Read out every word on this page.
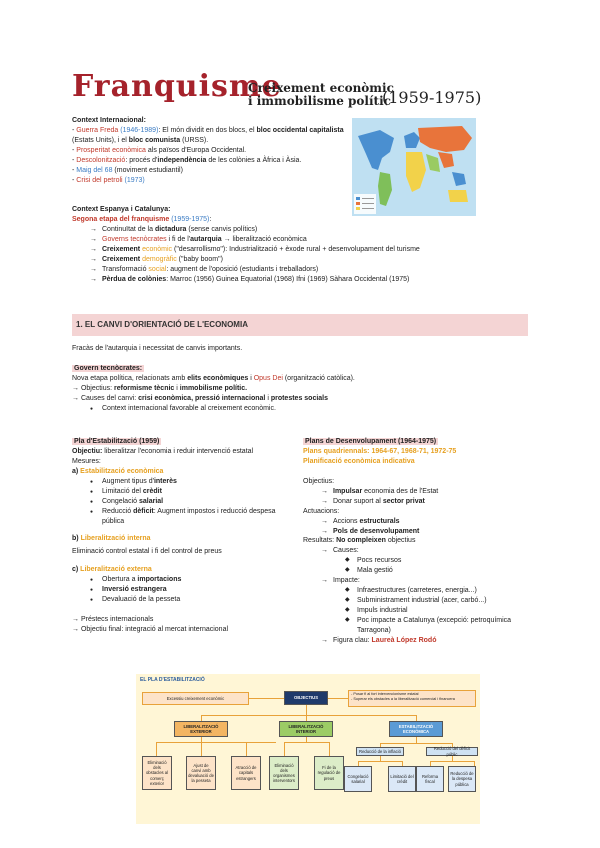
Franquisme
Creixement econòmic
i immobilisme polític
(1959-1975)
Context Internacional:
- Guerra Freda (1946-1989): El món dividit en dos blocs, el bloc occidental capitalista (Estats Units), i el bloc comunista (URSS).
- Prosperitat econòmica als països d'Europa Occidental.
- Descolonització: procés d'independència de les colònies a Àfrica i Àsia.
- Maig del 68 (moviment estudiantil)
- Crisi del petroli (1973)
Context Espanya i Catalunya:
Segona etapa del franquisme (1959-1975):
→ Continuïtat de la dictadura (sense canvis polítics)
→ Governs tecnòcrates i fi de l'autarquia → liberalització econòmica
→ Creixement econòmic ("desarrollismo"): Industrialització + èxode rural + desenvolupament del turisme
→ Creixement demogràfic ("baby boom")
→ Transformació social: augment de l'oposició (estudiants i treballadors)
→ Pèrdua de colònies: Marroc (1956) Guinea Equatorial (1968) Ifni (1969) Sàhara Occidental (1975)
1. EL CANVI D'ORIENTACIÓ DE L'ECONOMIA
Fracàs de l'autarquia i necessitat de canvis importants.
Govern tecnòcrates:
Nova etapa política, relacionats amb elits econòmiques i Opus Dei (organització catòlica).
→ Objectius: reformisme tècnic i immobilisme polític.
→ Causes del canvi: crisi econòmica, pressió internacional i protestes socials
● Context internacional favorable al creixement econòmic.
Pla d'Estabilització (1959)
Objectiu: liberalitzar l'economia i reduir intervenció estatal
Mesures:
a) Estabilització econòmica
● Augment tipus d'interès
● Limitació del crèdit
● Congelació salarial
● Reducció dèficit: Augment impostos i reducció despesa pública
b) Liberalització interna
Eliminació control estatal i fi del control de preus
c) Liberalització externa
● Obertura a importacions
● Inversió estrangera
● Devaluació de la pesseta
→ Préstecs internacionals
→ Objectiu final: integració al mercat internacional
Plans de Desenvolupament (1964-1975)
Plans quadriennals: 1964-67, 1968-71, 1972-75
Planificació econòmica indicativa
Objectius:
→ Impulsar economia des de l'Estat
→ Donar suport al sector privat
Actuacions:
→ Accions estructurals
→ Pols de desenvolupament
Resultats: No compleixen objectius
→ Causes:
◆ Pocs recursos
◆ Mala gestió
→ Impacte:
◆ Infraestructures (carreteres, energia...)
◆ Subministrament industrial (acer, carbó...)
◆ Impuls industrial
◆ Poc impacte a Catalunya (excepció: petroquímica Tarragona)
→ Figura clau: Laureà López Rodó
EL PLA D'ESTABILITZACIÓ
Excessiu creixement econòmic	OBJECTIUS
- Posar fi al fort intervencionisme estatal
- Superar els obstacles a la liberalització comercial i financera
LIBERALITZACIÓ EXTERIOR
LIBERALITZACIÓ INTERIOR
ESTABILITZACIÓ ECONÒMICA
Reducció de la inflació
Reducció del dèficit públic
Eliminació dels obstacles al comerç exterior
Ajust de canvi amb devaluació de la pesseta
Atracció de capitals estrangers
Eliminació dels organismes interventors
Fi de la regulació de preus	Congelació salarial
Limitació del crèdit
Reforma fiscal
Reducció de la despesa pública
